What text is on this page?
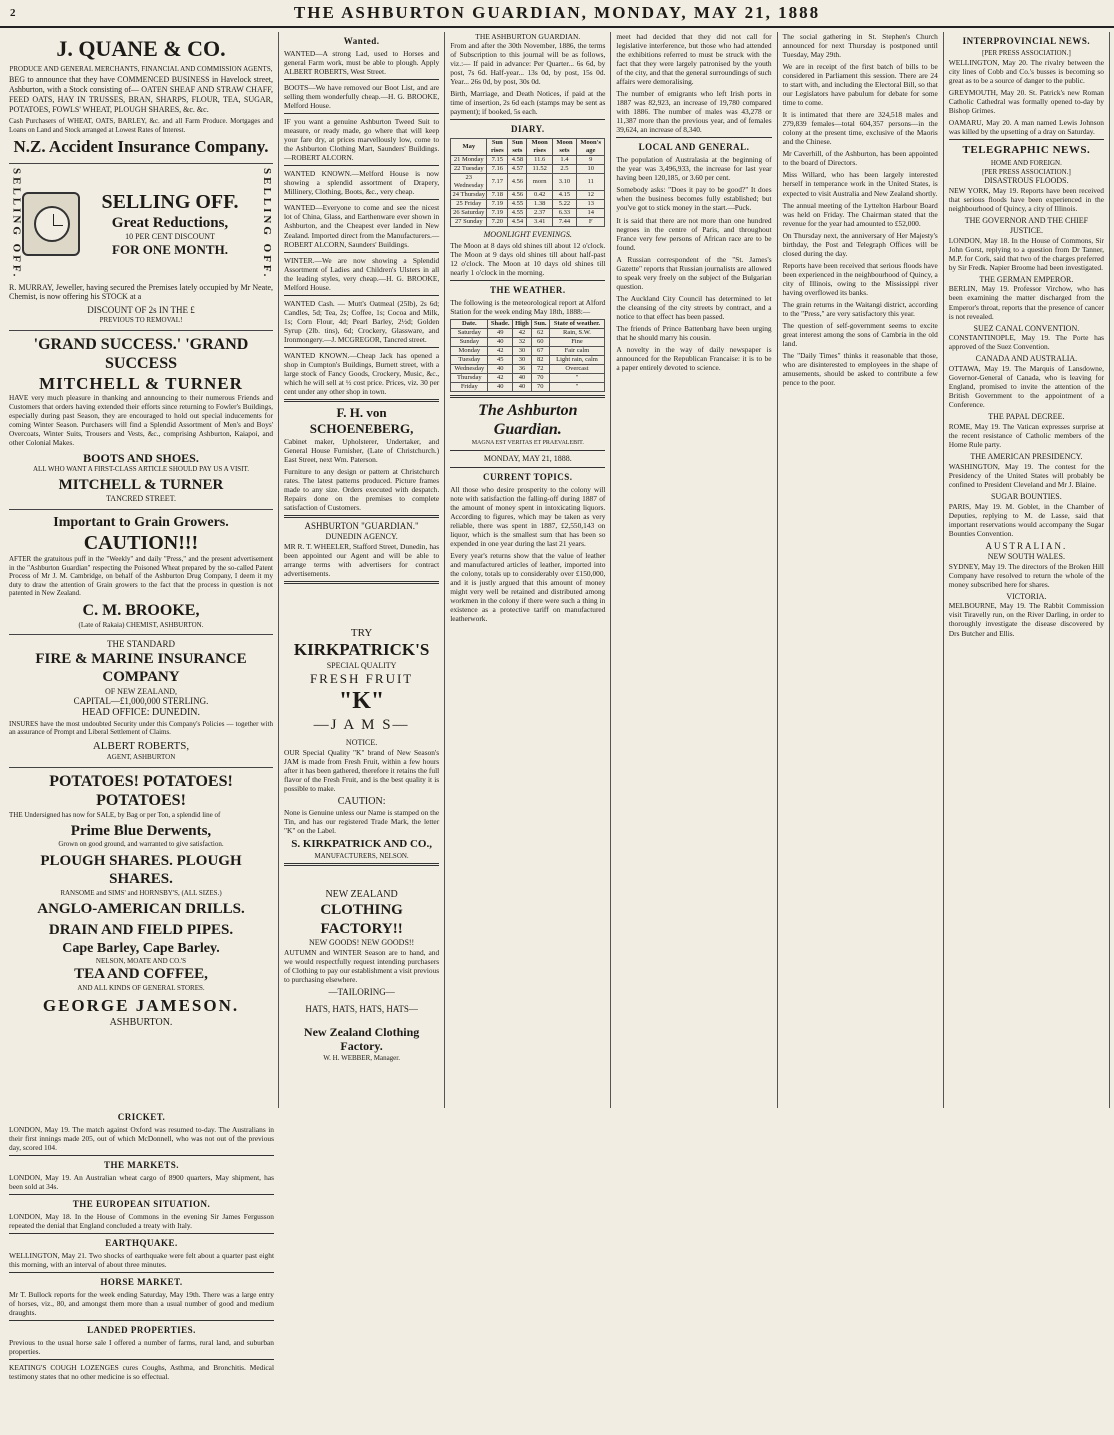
2	THE ASHBURTON GUARDIAN, MONDAY, MAY 21, 1888
J. QUANE & CO.
PRODUCE AND GENERAL MERCHANTS, FINANCIAL AND COMMISSION AGENTS,

BEG to announce that they have COMMENCED BUSINESS in Havelock street, Ashburton, with a Stock consisting of— OATEN SHEAF AND STRAW CHAFF, FEED OATS, HAY IN TRUSSES, BRAN, SHARPS, FLOUR, TEA, SUGAR, POTATOES, FOWLS' WHEAT, PLOUGH SHARES, &c. &c.

Cash Purchasers of WHEAT, OATS, BARLEY, &c. and all Farm Produce. Mortgages and Loans on Land and Stock arranged at Lowest Rates of Interest.

N.Z. Accident Insurance Company.
SELLING OFF.	SELLING OFF.
Great Reductions,
10 PER CENT DISCOUNT
FOR ONE MONTH.	SELLING OFF.

R. MURRAY, Jeweller, having secured the Premises lately occupied by Mr Neate, Chemist, is now offering his STOCK at a

DISCOUNT OF 2s IN THE £
PREVIOUS TO REMOVAL!
'GRAND SUCCESS.' 'GRAND SUCCESS
MITCHELL & TURNER

HAVE very much pleasure in thanking and announcing to their numerous Friends and Customers that orders having extended their efforts since returning to Fowler's Buildings, especially during past Season, they are encouraged to hold out special inducements for coming Winter Season. Purchasers will find a Splendid Assortment of Men's and Boys' Overcoats, Winter Suits, Trousers and Vests, &c., comprising Ashburton, Kaiapoi, and other Colonial Makes.

BOOTS AND SHOES.
ALL WHO WANT A FIRST-CLASS ARTICLE SHOULD PAY US A VISIT.
MITCHELL & TURNER
TANCRED STREET.
Important to Grain Growers.
CAUTION!!!

AFTER the gratuitous puff in the "Weekly" and daily "Press," and the present advertisement in the "Ashburton Guardian" respecting the Poisoned Wheat prepared by the so-called Patent Process of Mr J. M. Cambridge, on behalf of the Ashburton Drug Company, I deem it my duty to draw the attention of Grain growers to the fact that the process in question is not patented in New Zealand.

C. M. BROOKE,
(Late of Rakaia) CHEMIST, ASHBURTON.
THE STANDARD
FIRE & MARINE INSURANCE COMPANY
OF NEW ZEALAND,
CAPITAL—£1,000,000 STERLING.
HEAD OFFICE: DUNEDIN.

INSURES have the most undoubted Security under this Company's Policies — together with an assurance of Prompt and Liberal Settlement of Claims.

ALBERT ROBERTS,
AGENT, ASHBURTON
POTATOES! POTATOES! POTATOES!

THE Undersigned has now for SALE, by Bag or per Ton, a splendid line of

Prime Blue Derwents,
Grown on good ground, and warranted to give satisfaction.
PLOUGH SHARES. PLOUGH SHARES.
RANSOME and SIMS' and HORNSBY'S, (ALL SIZES.)
ANGLO-AMERICAN DRILLS.
DRAIN AND FIELD PIPES.
Cape Barley, Cape Barley.
NELSON, MOATE AND CO.'S
TEA AND COFFEE,
AND ALL KINDS OF GENERAL STORES.
GEORGE JAMESON.
ASHBURTON.
Wanted.

WANTED—A strong Lad, used to Horses and general Farm work, must be able to plough. Apply ALBERT ROBERTS, West Street.

BOOTS—We have removed our Boot List, and are selling them wonderfully cheap.—H. G. BROOKE, Melford House.

IF you want a genuine Ashburton Tweed Suit to measure, or ready made, go where that will keep your fare dry, at prices marvellously low, come to the Ashburton Clothing Mart, Saunders' Buildings.—ROBERT ALCORN.

WANTED KNOWN.—Melford House is now showing a splendid assortment of Drapery, Millinery, Clothing, Boots, &c., very cheap.

WANTED—Everyone to come and see the nicest lot of China, Glass, and Earthenware ever shown in Ashburton, and the Cheapest ever landed in New Zealand. Imported direct from the Manufacturers.—ROBERT ALCORN, Saunders' Buildings.

WINTER.—We are now showing a Splendid Assortment of Ladies and Children's Ulsters in all the leading styles, very cheap.—H. G. BROOKE, Melford House.

WANTED Cash. — Mutt's Oatmeal (25lb), 2s 6d; Candles, 5d; Tea, 2s; Coffee, 1s; Cocoa and Milk, 1s; Corn Flour, 4d; Pearl Barley, 2½d; Golden Syrup (2lb. tins), 6d; Crockery, Glassware, and Ironmongery.—J. MCGREGOR, Tancred street.

WANTED KNOWN.—Cheap Jack has opened a shop in Cumpton's Buildings, Burnett street, with a large stock of Fancy Goods, Crockery, Music, &c., which he will sell at ½ cost price. Prices, viz. 30 per cent under any other shop in town.

F. H. von SCHOENEBERG,

Cabinet maker, Upholsterer, Undertaker, and General House Furnisher, (Late of Christchurch.) East Street, next Wm. Paterson.

Furniture to any design or pattern at Christchurch rates. The latest patterns produced. Picture frames made to any size. Orders executed with despatch. Repairs done on the premises to complete satisfaction of Customers.

ASHBURTON "GUARDIAN."
DUNEDIN AGENCY.

MR R. T. WHEELER, Stafford Street, Dunedin, has been appointed our Agent and will be able to arrange terms with advertisers for contract advertisements.

TRY
KIRKPATRICK'S
SPECIAL QUALITY
FRESH FRUIT
"K"
—J A M S—
NOTICE.

OUR Special Quality "K" brand of New Season's JAM is made from Fresh Fruit, within a few hours after it has been gathered, therefore it retains the full flavor of the Fresh Fruit, and is the best quality it is possible to make.

CAUTION:

None is Genuine unless our Name is stamped on the Tin, and has our registered Trade Mark, the letter "K" on the Label.

S. KIRKPATRICK AND CO.,
MANUFACTURERS, NELSON.
NEW ZEALAND
CLOTHING FACTORY!!
NEW GOODS! NEW GOODS!!

AUTUMN and WINTER Season are to hand, and we would respectfully request intending purchasers of Clothing to pay our establishment a visit previous to purchasing elsewhere.

—TAILORING—
HATS, HATS, HATS, HATS—
New Zealand Clothing Factory.
W. H. WEBBER, Manager.
THE ASHBURTON GUARDIAN.

From and after the 30th November, 1886, the terms of Subscription to this journal will be as follows, viz.:— If paid in advance: Per Quarter... 6s 6d, by post, 7s 6d. Half-year... 13s 0d, by post, 15s 0d. Year... 26s 0d, by post, 30s 0d.

Birth, Marriage, and Death Notices, if paid at the time of insertion, 2s 6d each (stamps may be sent as payment); if booked, 5s each.

DIARY.
May	Sun rises	Sun sets	Moon rises	Moon sets	Moon's age
21 Monday	7.15	4.58	11.6	1.4	9
22 Tuesday	7.16	4.57	11.52	2.5	10
23 Wednesday	7.17	4.56	morn	3.10	11
24 Thursday	7.18	4.56	0.42	4.15	12
25 Friday	7.19	4.55	1.38	5.22	13
26 Saturday	7.19	4.55	2.37	6.33	14
27 Sunday	7.20	4.54	3.41	7.44	F
MOONLIGHT EVENINGS.

The Moon at 8 days old shines till about 12 o'clock. The Moon at 9 days old shines till about half-past 12 o'clock. The Moon at 10 days old shines till nearly 1 o'clock in the morning.

THE WEATHER.

The following is the meteorological report at Alford Station for the week ending May 18th, 1888:—

Date.	Shade.	High	Sun.	State of weather.
Saturday	49	42	62	Rain, S.W.
Sunday	40	32	60	Fine
Monday	42	30	67	Fair calm
Tuesday	45	30	82	Light rain, calm
Wednesday	40	36	72	Overcast
Thursday	42	40	70	"
Friday	40	40	70	"
The Ashburton Guardian.
MAGNA EST VERITAS ET PRAEVALEBIT.
MONDAY, MAY 21, 1888.
CURRENT TOPICS.

All those who desire prosperity to the colony will note with satisfaction the falling-off during 1887 of the amount of money spent in intoxicating liquors. According to figures, which may be taken as very reliable, there was spent in 1887, £2,550,143 on liquor, which is the smallest sum that has been so expended in one year during the last 21 years.

Every year's returns show that the value of leather and manufactured articles of leather, imported into the colony, totals up to considerably over £150,000, and it is justly argued that this amount of money might very well be retained and distributed among workmen in the colony if there were such a thing in existence as a protective tariff on manufactured leatherwork.

meet had decided that they did not call for legislative interference, but those who had attended the exhibitions referred to must be struck with the fact that they were largely patronised by the youth of the city, and that the general surroundings of such affairs were demoralising.

The number of emigrants who left Irish ports in 1887 was 82,923, an increase of 19,780 compared with 1886. The number of males was 43,278 or 11,387 more than the previous year, and of females 39,624, an increase of 8,340.

LOCAL AND GENERAL.

The population of Australasia at the beginning of the year was 3,496,933, the increase for last year having been 120,185, or 3.60 per cent.

Somebody asks: "Does it pay to be good?" It does when the business becomes fully established; but you've got to stick money in the start.—Puck.

It is said that there are not more than one hundred negroes in the centre of Paris, and throughout France very few persons of African race are to be found.

A Russian correspondent of the "St. James's Gazette" reports that Russian journalists are allowed to speak very freely on the subject of the Bulgarian question.

The Auckland City Council has determined to let the cleansing of the city streets by contract, and a notice to that effect has been passed.

The friends of Prince Battenbarg have been urging that he should marry his cousin.

A novelty in the way of daily newspaper is announced for the Republican Francaise: it is to be a paper entirely devoted to science.

The social gathering in St. Stephen's Church announced for next Thursday is postponed until Tuesday, May 29th.

We are in receipt of the first batch of bills to be considered in Parliament this session. There are 24 to start with, and including the Electoral Bill, so that our Legislators have pabulum for debate for some time to come.

It is intimated that there are 324,518 males and 279,839 females—total 604,357 persons—in the colony at the present time, exclusive of the Maoris and the Chinese.

Mr Caverhill, of the Ashburton, has been appointed to the board of Directors.

Miss Willard, who has been largely interested herself in temperance work in the United States, is expected to visit Australia and New Zealand shortly.

The annual meeting of the Lyttelton Harbour Board was held on Friday. The Chairman stated that the revenue for the year had amounted to £52,000.

On Thursday next, the anniversary of Her Majesty's birthday, the Post and Telegraph Offices will be closed during the day.

Reports have been received that serious floods have been experienced in the neighbourhood of Quincy, a city of Illinois, owing to the Mississippi river having overflowed its banks.

The grain returns in the Waitangi district, according to the "Press," are very satisfactory this year.

The question of self-government seems to excite great interest among the sons of Cambria in the old land.

The "Daily Times" thinks it reasonable that those, who are disinterested to employees in the shape of amusements, should be asked to contribute a few pence to the poor.

INTERPROVINCIAL NEWS.
[PER PRESS ASSOCIATION.]

WELLINGTON, May 20. The rivalry between the city lines of Cobb and Co.'s busses is becoming so great as to be a source of danger to the public.

GREYMOUTH, May 20. St. Patrick's new Roman Catholic Cathedral was formally opened to-day by Bishop Grimes.

OAMARU, May 20. A man named Lewis Johnson was killed by the upsetting of a dray on Saturday.

TELEGRAPHIC NEWS.
HOME AND FOREIGN.
[PER PRESS ASSOCIATION.]
DISASTROUS FLOODS.

NEW YORK, May 19. Reports have been received that serious floods have been experienced in the neighbourhood of Quincy, a city of Illinois.

THE GOVERNOR AND THE CHIEF JUSTICE.

LONDON, May 18. In the House of Commons, Sir John Gorst, replying to a question from Dr Tanner, M.P. for Cork, said that two of the charges preferred by Sir Fredk. Napier Broome had been investigated.

THE GERMAN EMPEROR.

BERLIN, May 19. Professor Virchow, who has been examining the matter discharged from the Emperor's throat, reports that the presence of cancer is not revealed.

SUEZ CANAL CONVENTION.

CONSTANTINOPLE, May 19. The Porte has approved of the Suez Convention.

CANADA AND AUSTRALIA.

OTTAWA, May 19. The Marquis of Lansdowne, Governor-General of Canada, who is leaving for England, promised to invite the attention of the British Government to the appointment of a Conference.

THE PAPAL DECREE.

ROME, May 19. The Vatican expresses surprise at the recent resistance of Catholic members of the Home Rule party.

THE AMERICAN PRESIDENCY.

WASHINGTON, May 19. The contest for the Presidency of the United States will probably be confined to President Cleveland and Mr J. Blaine.

SUGAR BOUNTIES.

PARIS, May 19. M. Goblet, in the Chamber of Deputies, replying to M. de Lasse, said that important reservations would accompany the Sugar Bounties Convention.

AUSTRALIAN.
NEW SOUTH WALES.

SYDNEY, May 19. The directors of the Broken Hill Company have resolved to return the whole of the money subscribed here for shares.

VICTORIA.

MELBOURNE, May 19. The Rabbit Commission visit Tiravelly run, on the River Darling, in order to thoroughly investigate the disease discovered by Drs Butcher and Ellis.

CRICKET.

LONDON, May 19. The match against Oxford was resumed to-day. The Australians in their first innings made 205, out of which McDonnell, who was not out of the previous day, scored 104.

THE MARKETS.

LONDON, May 19. An Australian wheat cargo of 8900 quarters, May shipment, has been sold at 34s.

THE EUROPEAN SITUATION.

LONDON, May 18. In the House of Commons in the evening Sir James Fergusson repeated the denial that England concluded a treaty with Italy.

EARTHQUAKE.

WELLINGTON, May 21. Two shocks of earthquake were felt about a quarter past eight this morning, with an interval of about three minutes.

HORSE MARKET.

Mr T. Bullock reports for the week ending Saturday, May 19th. There was a large entry of horses, viz., 80, and amongst them more than a usual number of good and medium draughts.

LANDED PROPERTIES.

Previous to the usual horse sale I offered a number of farms, rural land, and suburban properties.

KEATING'S COUGH LOZENGES cures Coughs, Asthma, and Bronchitis. Medical testimony states that no other medicine is so effectual.
